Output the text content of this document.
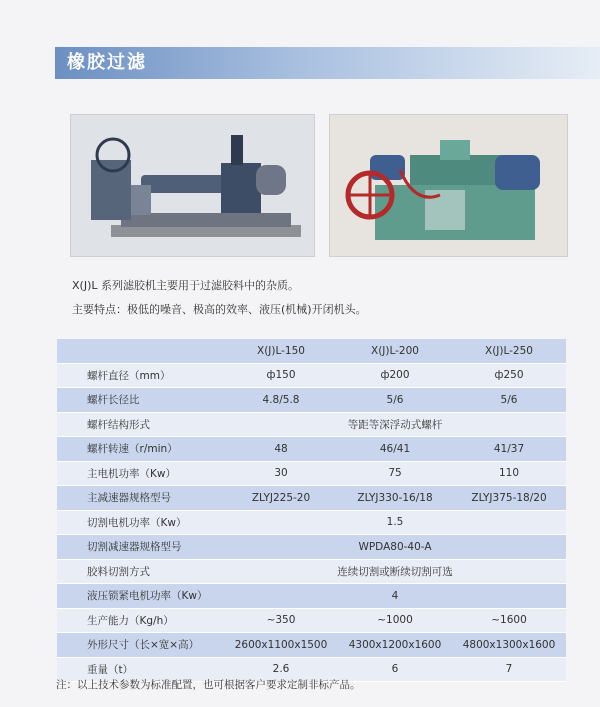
橡胶过滤
X(J)L 系列滤胶机主要用于过滤胶料中的杂质。
主要特点：极低的噪音、极高的效率、液压(机械)开闭机头。
	X(J)L-150	X(J)L-200	X(J)L-250
螺杆直径（mm）	ф150	ф200	ф250
螺杆长径比	4.8/5.8	5/6	5/6
螺杆结构形式	等距等深浮动式螺杆		
螺杆转速（r/min）	48	46/41	41/37
主电机功率（Kw）	30	75	110
主减速器规格型号	ZLYJ225-20	ZLYJ330-16/18	ZLYJ375-18/20
切割电机功率（Kw）	1.5		
切割减速器规格型号	WPDA80-40-A		
胶料切割方式	连续切割或断续切割可选		
液压锁紧电机功率（Kw）	4		
生产能力（Kg/h）	~350	~1000	~1600
外形尺寸（长×宽×高）	2600x1100x1500	4300x1200x1600	4800x1300x1600
重量（t）	2.6	6	7
注：以上技术参数为标准配置，也可根据客户要求定制非标产品。
